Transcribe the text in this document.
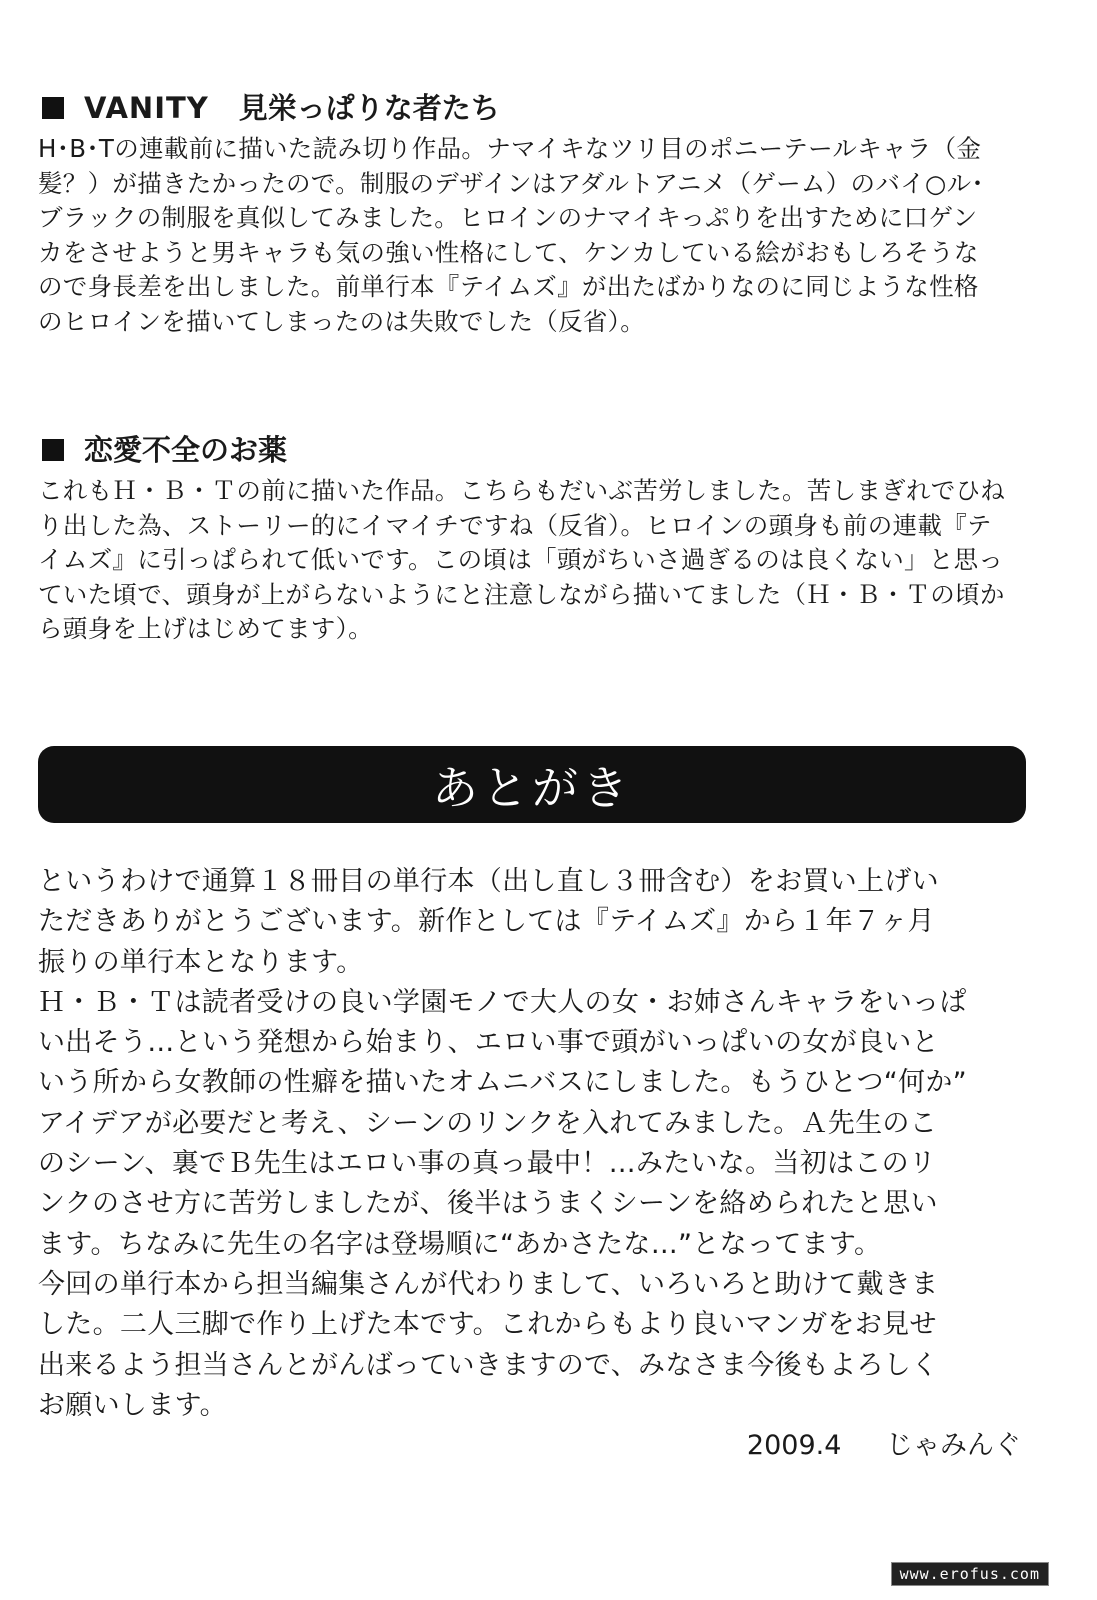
VANITY 見栄っぱりな者たち
H･B･Tの連載前に描いた読み切り作品。ナマイキなツリ目のポニーテールキャラ（金
髪？）が描きたかったので。制服のデザインはアダルトアニメ（ゲーム）のバイ○ル･
ブラックの制服を真似してみました。ヒロインのナマイキっぷりを出すために口ゲン
カをさせようと男キャラも気の強い性格にして、ケンカしている絵がおもしろそうな
ので身長差を出しました。前単行本『テイムズ』が出たばかりなのに同じような性格
のヒロインを描いてしまったのは失敗でした（反省）。
恋愛不全のお薬
これもＨ・Ｂ・Ｔの前に描いた作品。こちらもだいぶ苦労しました。苦しまぎれでひね
り出した為、ストーリー的にイマイチですね（反省）。ヒロインの頭身も前の連載『テ
イムズ』に引っぱられて低いです。この頃は「頭がちいさ過ぎるのは良くない」と思っ
ていた頃で、頭身が上がらないようにと注意しながら描いてました（Ｈ・Ｂ・Ｔの頃か
ら頭身を上げはじめてます）。
あとがき
というわけで通算１８冊目の単行本（出し直し３冊含む）をお買い上げい
ただきありがとうございます。新作としては『テイムズ』から１年７ヶ月
振りの単行本となります。
Ｈ・Ｂ・Ｔは読者受けの良い学園モノで大人の女・お姉さんキャラをいっぱ
い出そう…という発想から始まり、エロい事で頭がいっぱいの女が良いと
いう所から女教師の性癖を描いたオムニバスにしました。もうひとつ“何か”
アイデアが必要だと考え、シーンのリンクを入れてみました。Ａ先生のこ
のシーン、裏でＢ先生はエロい事の真っ最中！…みたいな。当初はこのリ
ンクのさせ方に苦労しましたが、後半はうまくシーンを絡められたと思い
ます。ちなみに先生の名字は登場順に“あかさたな…”となってます。
今回の単行本から担当編集さんが代わりまして、いろいろと助けて戴きま
した。二人三脚で作り上げた本です。これからもより良いマンガをお見せ
出来るよう担当さんとがんばっていきますので、みなさま今後もよろしく
お願いします。
2009.4 じゃみんぐ
www.erofus.com
